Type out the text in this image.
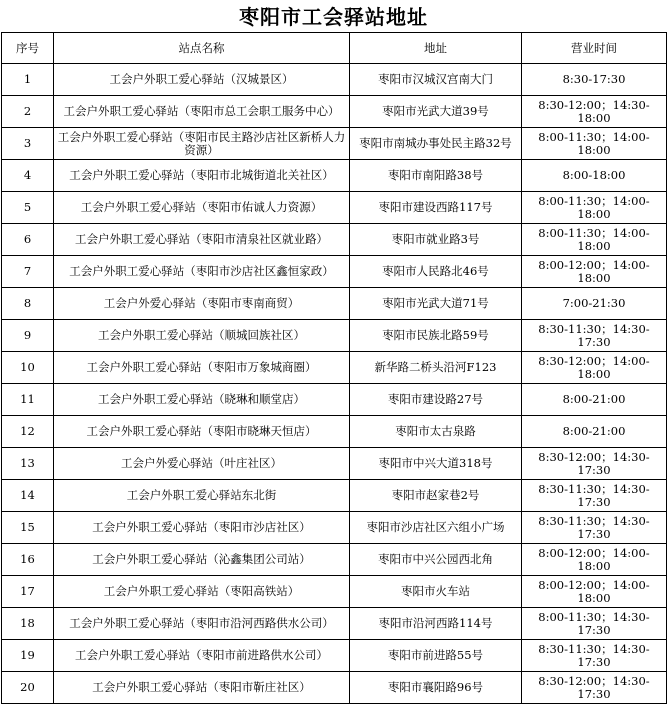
枣阳市工会驿站地址
序号	站点名称	地址	营业时间
1	工会户外职工爱心驿站（汉城景区）	枣阳市汉城汉宫南大门	8:30-17:30
2	工会户外职工爱心驿站（枣阳市总工会职工服务中心）	枣阳市光武大道39号	8:30-12:00；14:30-18:00
3	工会户外职工爱心驿站（枣阳市民主路沙店社区新桥人力资源）	枣阳市南城办事处民主路32号	8:00-11:30；14:00-18:00
4	工会户外职工爱心驿站（枣阳市北城街道北关社区）	枣阳市南阳路38号	8:00-18:00
5	工会户外职工爱心驿站（枣阳市佑诚人力资源）	枣阳市建设西路117号	8:00-11:30；14:00-18:00
6	工会户外职工爱心驿站（枣阳市清泉社区就业路）	枣阳市就业路3号	8:00-11:30；14:00-18:00
7	工会户外职工爱心驿站（枣阳市沙店社区鑫恒家政）	枣阳市人民路北46号	8:00-12:00；14:00-18:00
8	工会户外爱心驿站（枣阳市枣南商贸）	枣阳市光武大道71号	7:00-21:30
9	工会户外职工爱心驿站（顺城回族社区）	枣阳市民族北路59号	8:30-11:30；14:30-17:30
10	工会户外职工爱心驿站（枣阳市万象城商圈）	新华路二桥头沿河F123	8:30-12:00；14:00-18:00
11	工会户外职工爱心驿站（晓琳和顺堂店）	枣阳市建设路27号	8:00-21:00
12	工会户外职工爱心驿站（枣阳市晓琳天恒店）	枣阳市太古泉路	8:00-21:00
13	工会户外爱心驿站（叶庄社区）	枣阳市中兴大道318号	8:30-12:00；14:30-17:30
14	工会户外职工爱心驿站东北街	枣阳市赵家巷2号	8:30-11:30；14:30-17:30
15	工会户外职工爱心驿站（枣阳市沙店社区）	枣阳市沙店社区六组小广场	8:30-11:30；14:30-17:30
16	工会户外职工爱心驿站（沁鑫集团公司站）	枣阳市中兴公园西北角	8:00-12:00；14:00-18:00
17	工会户外职工爱心驿站（枣阳高铁站）	枣阳市火车站	8:00-12:00；14:00-18:00
18	工会户外职工爱心驿站（枣阳市沿河西路供水公司）	枣阳市沿河西路114号	8:00-11:30；14:30-17:30
19	工会户外职工爱心驿站（枣阳市前进路供水公司）	枣阳市前进路55号	8:30-11:30；14:30-17:30
20	工会户外职工爱心驿站（枣阳市靳庄社区）	枣阳市襄阳路96号	8:30-12:00；14:30-17:30
